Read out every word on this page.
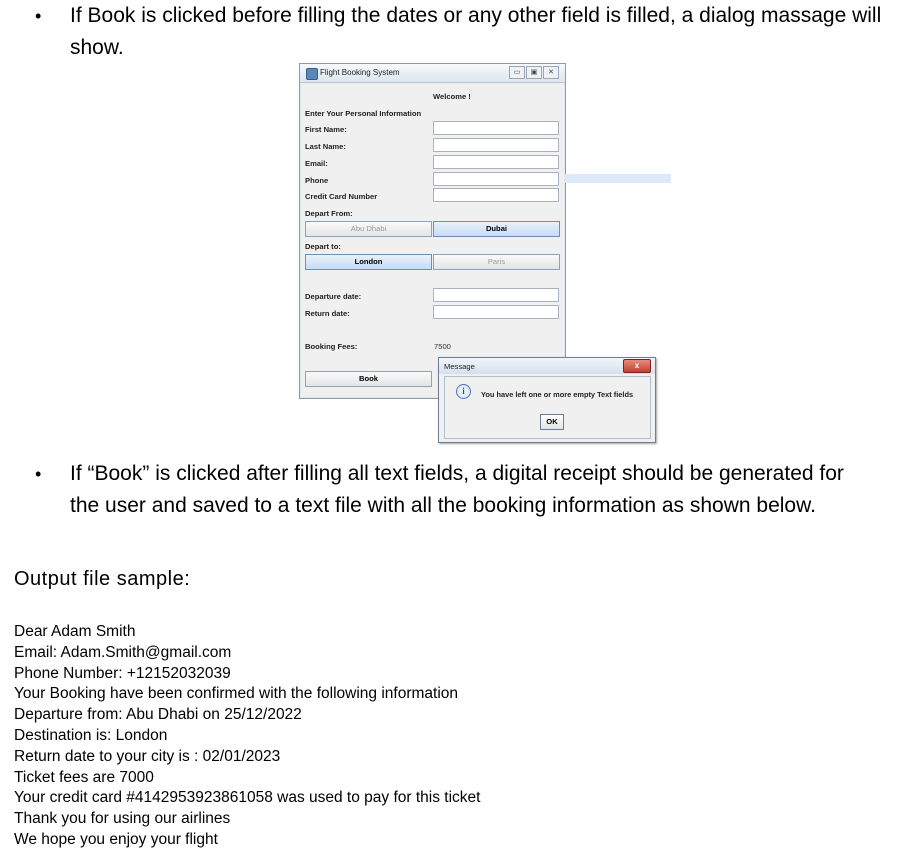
• If Book is clicked before filling the dates or any other field is filled, a dialog massage will
show.
Flight Booking System	▭	▣	✕
Welcome !
Enter Your Personal Information
First Name:
Last Name:
Email:
Phone
Credit Card Number
Depart From:
Abu Dhabi	Dubai
Depart to:
London	Paris
Departure date:
Return date:
Booking Fees:	7500
Book
Message	x
i	You have left one or more empty Text fields
OK
• If “Book” is clicked after filling all text fields, a digital receipt should be generated for
the user and saved to a text file with all the booking information as shown below.
Output file sample:
Dear Adam Smith
Email: Adam.Smith@gmail.com
Phone Number: +12152032039
Your Booking have been confirmed with the following information
Departure from: Abu Dhabi on 25/12/2022
Destination is: London
Return date to your city is : 02/01/2023
Ticket fees are 7000
Your credit card #4142953923861058 was used to pay for this ticket
Thank you for using our airlines
We hope you enjoy your flight
